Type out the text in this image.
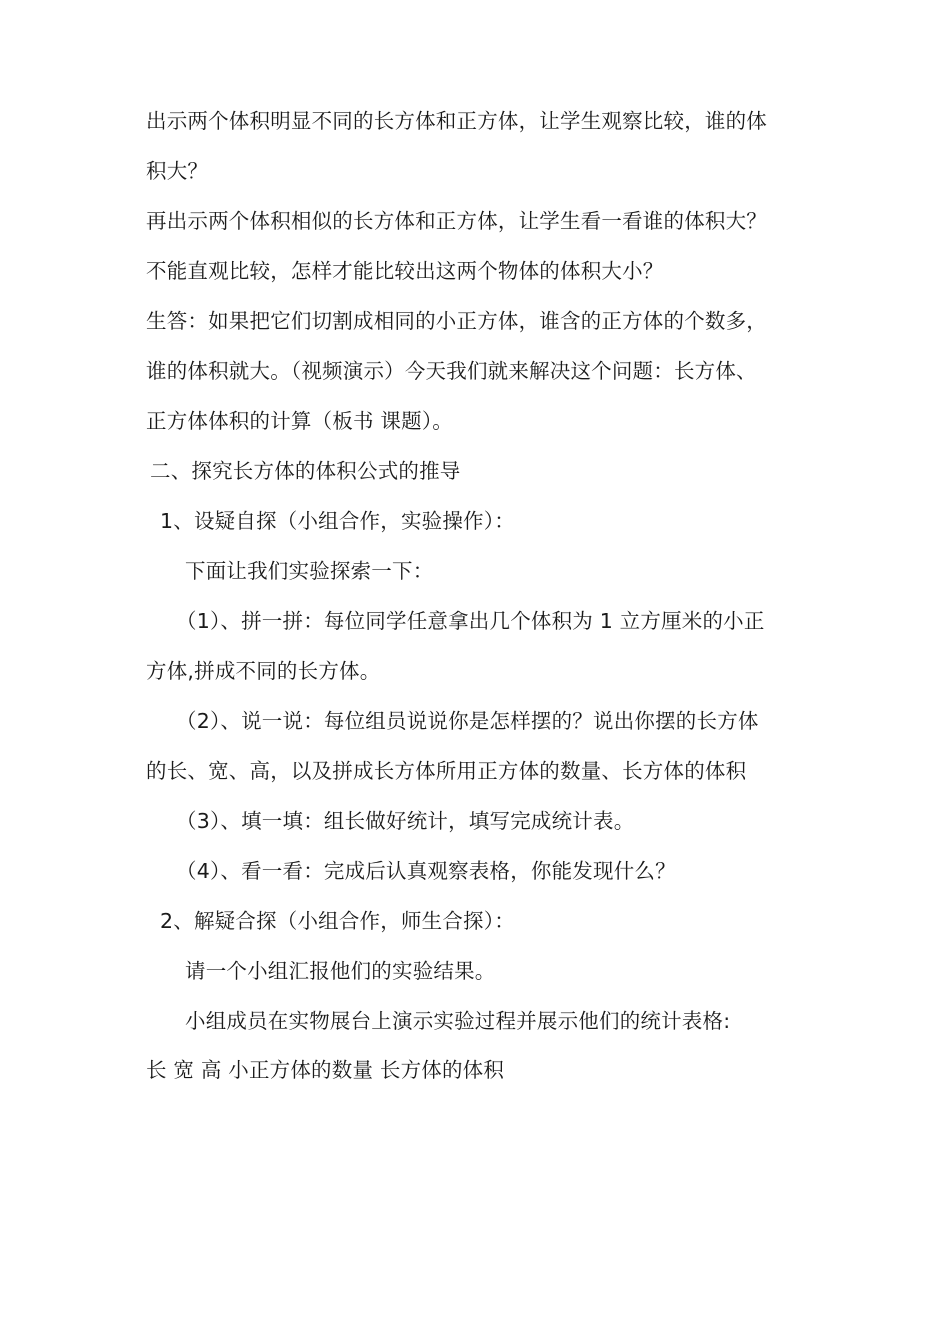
出示两个体积明显不同的长方体和正方体，让学生观察比较，谁的体
积大？
再出示两个体积相似的长方体和正方体，让学生看一看谁的体积大？
不能直观比较，怎样才能比较出这两个物体的体积大小？
生答：如果把它们切割成相同的小正方体，谁含的正方体的个数多，
谁的体积就大。（视频演示）今天我们就来解决这个问题：长方体、
正方体体积的计算（板书 课题）。
二、探究长方体的体积公式的推导
1、设疑自探（小组合作，实验操作）：
下面让我们实验探索一下：
（1）、拼一拼：每位同学任意拿出几个体积为 1 立方厘米的小正
方体,拼成不同的长方体。
（2）、说一说：每位组员说说你是怎样摆的？说出你摆的长方体
的长、宽、高，以及拼成长方体所用正方体的数量、长方体的体积
（3）、填一填：组长做好统计，填写完成统计表。
（4）、看一看：完成后认真观察表格，你能发现什么？
2、解疑合探（小组合作，师生合探）：
请一个小组汇报他们的实验结果。
小组成员在实物展台上演示实验过程并展示他们的统计表格:
长 宽 高 小正方体的数量 长方体的体积
